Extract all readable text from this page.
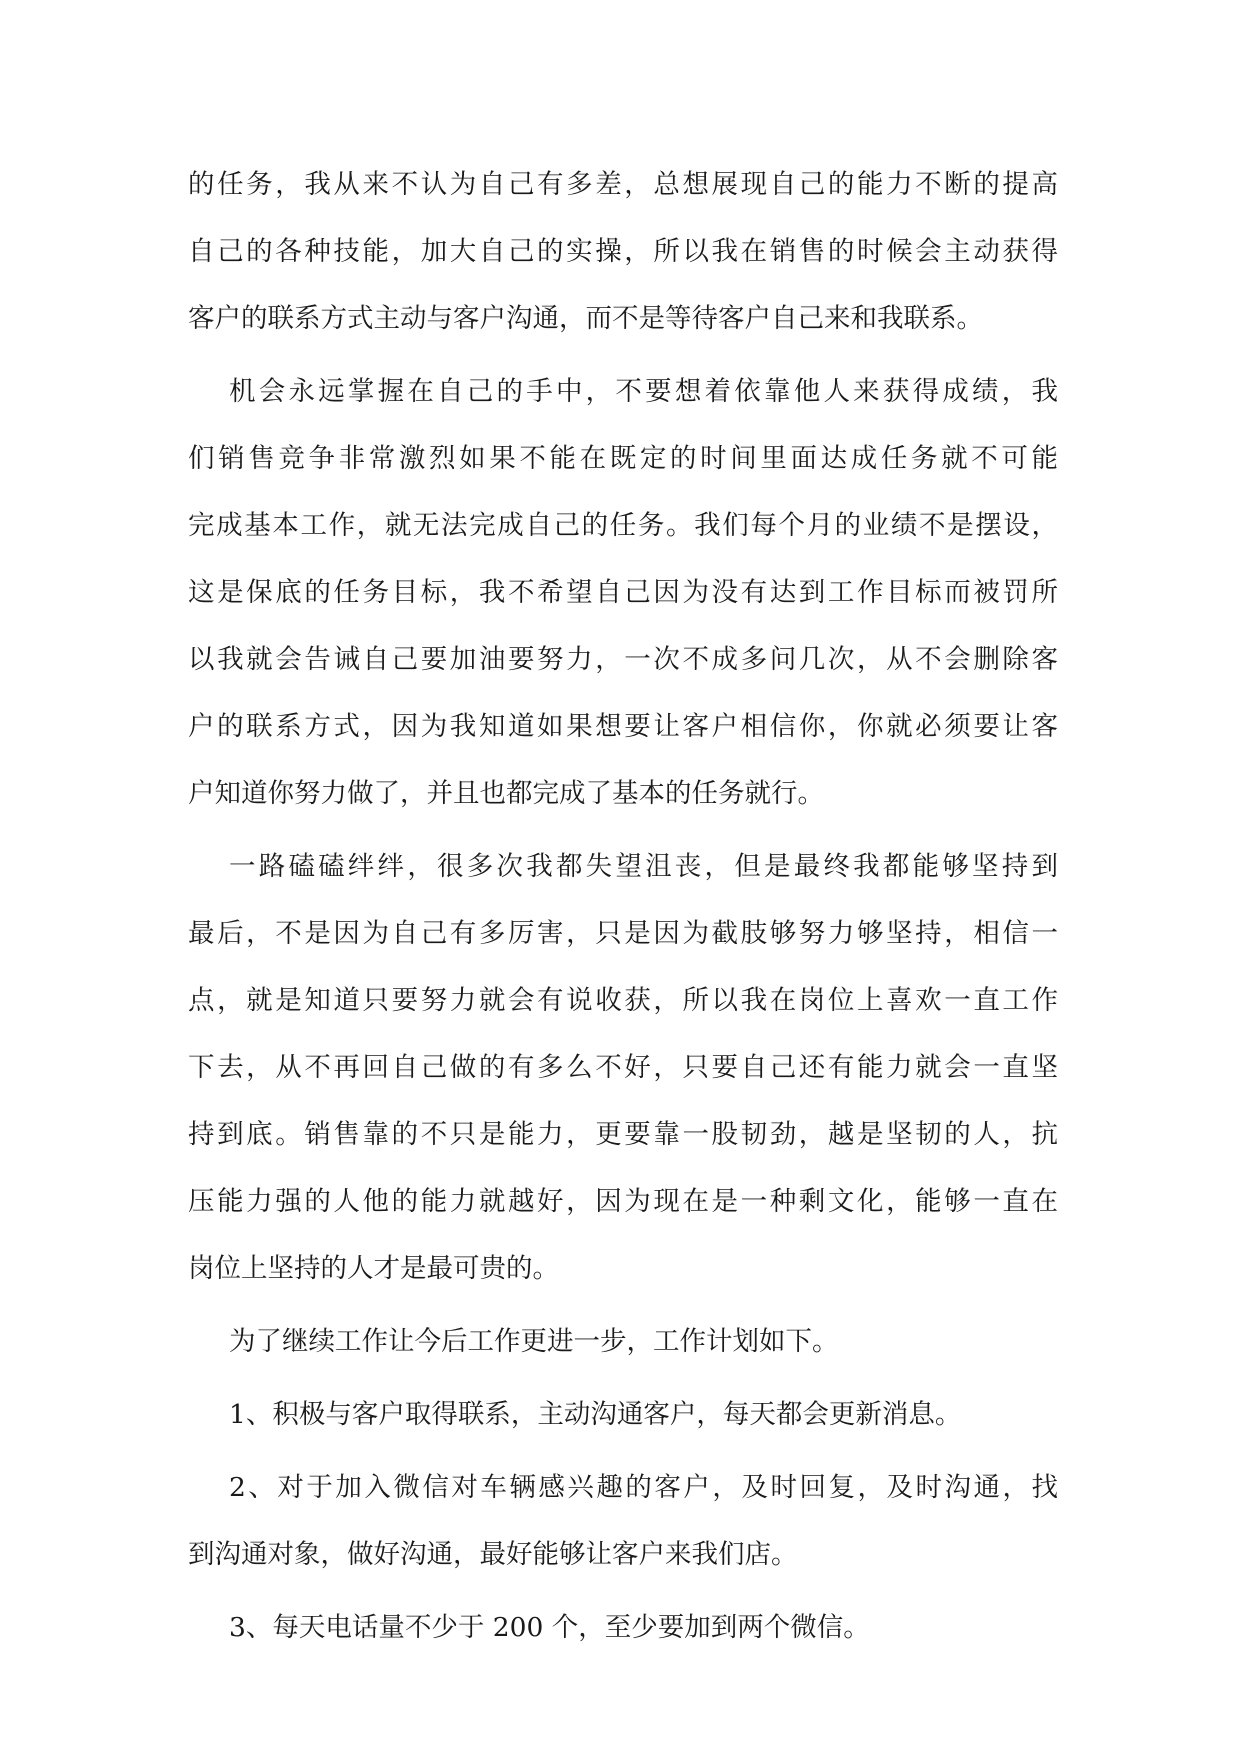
的任务，我从来不认为自己有多差，总想展现自己的能力不断的提高
自己的各种技能，加大自己的实操，所以我在销售的时候会主动获得
客户的联系方式主动与客户沟通，而不是等待客户自己来和我联系。
机会永远掌握在自己的手中，不要想着依靠他人来获得成绩，我
们销售竞争非常激烈如果不能在既定的时间里面达成任务就不可能
完成基本工作，就无法完成自己的任务。我们每个月的业绩不是摆设，
这是保底的任务目标，我不希望自己因为没有达到工作目标而被罚所
以我就会告诫自己要加油要努力，一次不成多问几次，从不会删除客
户的联系方式，因为我知道如果想要让客户相信你，你就必须要让客
户知道你努力做了，并且也都完成了基本的任务就行。
一路磕磕绊绊，很多次我都失望沮丧，但是最终我都能够坚持到
最后，不是因为自己有多厉害，只是因为截肢够努力够坚持，相信一
点，就是知道只要努力就会有说收获，所以我在岗位上喜欢一直工作
下去，从不再回自己做的有多么不好，只要自己还有能力就会一直坚
持到底。销售靠的不只是能力，更要靠一股韧劲，越是坚韧的人，抗
压能力强的人他的能力就越好，因为现在是一种剩文化，能够一直在
岗位上坚持的人才是最可贵的。
为了继续工作让今后工作更进一步，工作计划如下。
1、积极与客户取得联系，主动沟通客户，每天都会更新消息。
2、对于加入微信对车辆感兴趣的客户，及时回复，及时沟通，找
到沟通对象，做好沟通，最好能够让客户来我们店。
3、每天电话量不少于 200 个，至少要加到两个微信。
